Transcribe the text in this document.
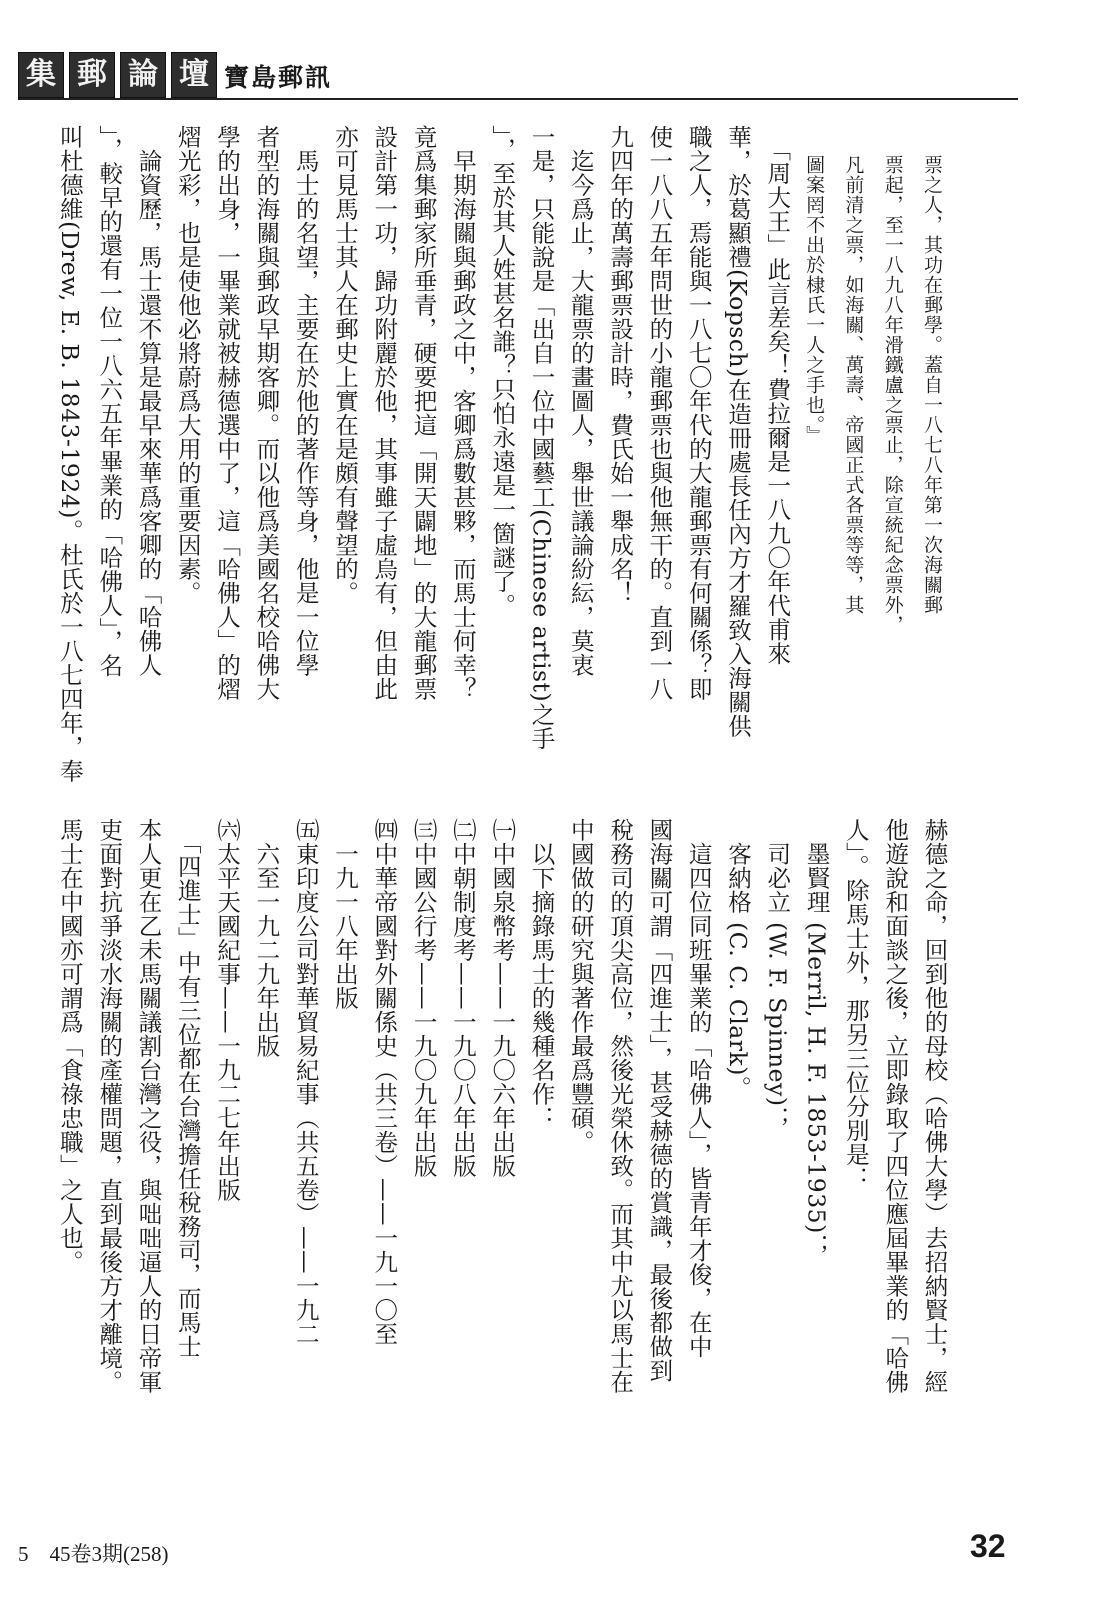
集 郵 論 壇 寶島郵訊
票之人，其功在郵學。蓋自一八七八年第一次海關郵
票起，至一八九八年滑鐵盧之票止，除宣統紀念票外，
凡前清之票，如海關、萬壽、帝國正式各票等等，其
圖案罔不出於棣氏一人之手也。』
　「周大王」此言差矣！費拉爾是一八九〇年代甫來
華，於葛顯禮(Kopsch)在造冊處長任內方才羅致入海關供
職之人，焉能與一八七〇年代的大龍郵票有何關係？即
使一八八五年問世的小龍郵票也與他無干的。直到一八
九四年的萬壽郵票設計時，費氏始一舉成名！
　迄今爲止，大龍票的畫圖人，舉世議論紛紜，莫衷
一是，只能說是「出自一位中國藝工(Chinese artist)之手
」，至於其人姓甚名誰？只怕永遠是一箇謎了。
　早期海關與郵政之中，客卿爲數甚夥，而馬士何幸？
竟爲集郵家所垂青，硬要把這「開天闢地」的大龍郵票
設計第一功，歸功附麗於他，其事雖子虛烏有，但由此
亦可見馬士其人在郵史上實在是頗有聲望的。
　馬士的名望，主要在於他的著作等身，他是一位學
者型的海關與郵政早期客卿。而以他爲美國名校哈佛大
學的出身，一畢業就被赫德選中了，這「哈佛人」的熠
熠光彩，也是使他必將蔚爲大用的重要因素。
　論資歷，馬士還不算是最早來華爲客卿的「哈佛人
」，較早的還有一位一八六五年畢業的「哈佛人」，名
叫杜德維(Drew, E. B. 1843-1924)。杜氏於一八七四年，奉
赫德之命，回到他的母校（哈佛大學）去招納賢士，經
他遊說和面談之後，立即錄取了四位應屆畢業的「哈佛
人」。除馬士外，那另三位分別是：
　墨賢理 (Merril, H. F. 1853-1935)；
　司必立 (W. F. Spinney)；
　客納格 (C. C. Clark)。
　這四位同班畢業的「哈佛人」，皆青年才俊，在中
國海關可謂「四進士」，甚受赫德的賞識，最後都做到
稅務司的頂尖高位，然後光榮休致。而其中尤以馬士在
中國做的研究與著作最爲豐碩。
　以下摘錄馬士的幾種名作：
㈠中國泉幣考——一九〇六年出版
㈡中朝制度考——一九〇八年出版
㈢中國公行考——一九〇九年出版
㈣中華帝國對外關係史（共三卷）——一九一〇至
　一九一八年出版
㈤東印度公司對華貿易紀事（共五卷）——一九二
　六至一九二九年出版
㈥太平天國紀事——一九二七年出版
　「四進士」中有三位都在台灣擔任稅務司，而馬士
本人更在乙未馬關議割台灣之役，與咄咄逼人的日帝軍
吏面對抗爭淡水海關的產權問題，直到最後方才離境。
馬士在中國亦可謂爲「食祿忠職」之人也。
5　45卷3期(258)	32
